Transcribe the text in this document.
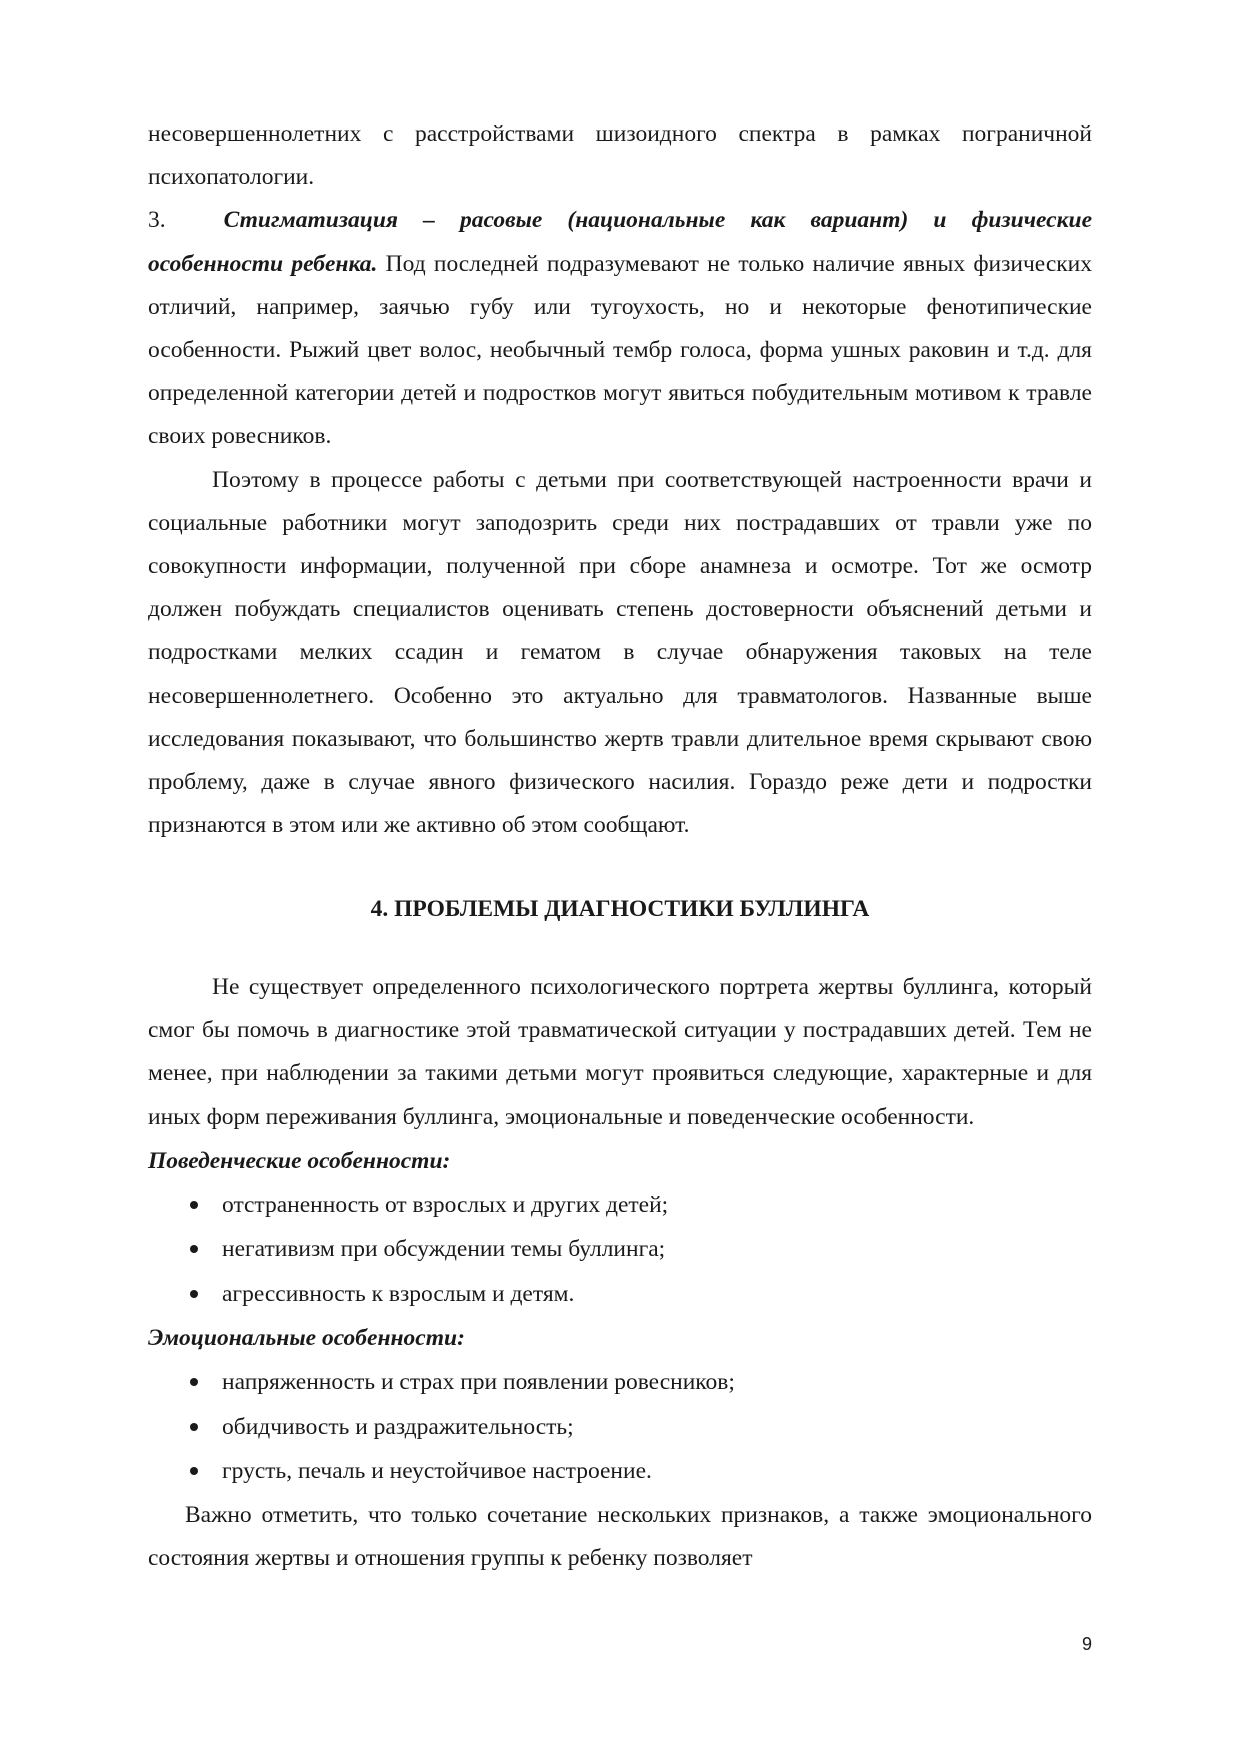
несовершеннолетних с расстройствами шизоидного спектра в рамках пограничной психопатологии.

3. Стигматизация – расовые (национальные как вариант) и физические особенности ребенка. Под последней подразумевают не только наличие явных физических отличий, например, заячью губу или тугоухость, но и некоторые фенотипические особенности. Рыжий цвет волос, необычный тембр голоса, форма ушных раковин и т.д. для определенной категории детей и подростков могут явиться побудительным мотивом к травле своих ровесников.

Поэтому в процессе работы с детьми при соответствующей настроенности врачи и социальные работники могут заподозрить среди них пострадавших от травли уже по совокупности информации, полученной при сборе анамнеза и осмотре. Тот же осмотр должен побуждать специалистов оценивать степень достоверности объяснений детьми и подростками мелких ссадин и гематом в случае обнаружения таковых на теле несовершеннолетнего. Особенно это актуально для травматологов. Названные выше исследования показывают, что большинство жертв травли длительное время скрывают свою проблему, даже в случае явного физического насилия. Гораздо реже дети и подростки признаются в этом или же активно об этом сообщают.

4. ПРОБЛЕМЫ ДИАГНОСТИКИ БУЛЛИНГА

Не существует определенного психологического портрета жертвы буллинга, который смог бы помочь в диагностике этой травматической ситуации у пострадавших детей. Тем не менее, при наблюдении за такими детьми могут проявиться следующие, характерные и для иных форм переживания буллинга, эмоциональные и поведенческие особенности.

Поведенческие особенности:

отстраненность от взрослых и других детей;
негативизм при обсуждении темы буллинга;
агрессивность к взрослым и детям.

Эмоциональные особенности:

напряженность и страх при появлении ровесников;
обидчивость и раздражительность;
грусть, печаль и неустойчивое настроение.

Важно отметить, что только сочетание нескольких признаков, а также эмоционального состояния жертвы и отношения группы к ребенку позволяет

9
